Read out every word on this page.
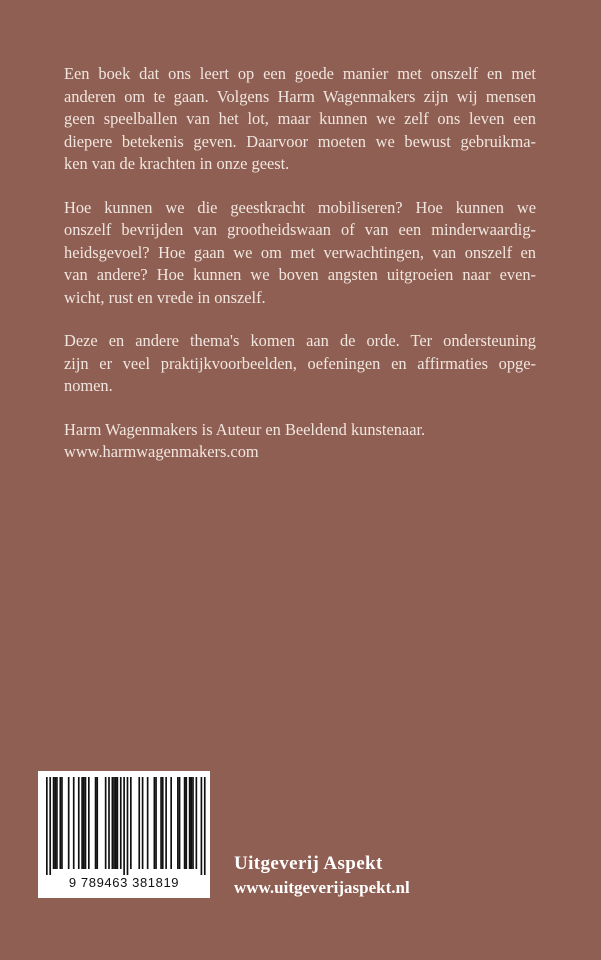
Een boek dat ons leert op een goede manier met onszelf en met
anderen om te gaan. Volgens Harm Wagenmakers zijn wij mensen
geen speelballen van het lot, maar kunnen we zelf ons leven een
diepere betekenis geven. Daarvoor moeten we bewust gebruikma-
ken van de krachten in onze geest.
Hoe kunnen we die geestkracht mobiliseren? Hoe kunnen we
onszelf bevrijden van grootheidswaan of van een minderwaardig-
heidsgevoel? Hoe gaan we om met verwachtingen, van onszelf en
van andere? Hoe kunnen we boven angsten uitgroeien naar even-
wicht, rust en vrede in onszelf.
Deze en andere thema's komen aan de orde. Ter ondersteuning
zijn er veel praktijkvoorbeelden, oefeningen en affirmaties opge-
nomen.
Harm Wagenmakers is Auteur en Beeldend kunstenaar.
www.harmwagenmakers.com
9 789463 381819
Uitgeverij Aspekt
www.uitgeverijaspekt.nl
